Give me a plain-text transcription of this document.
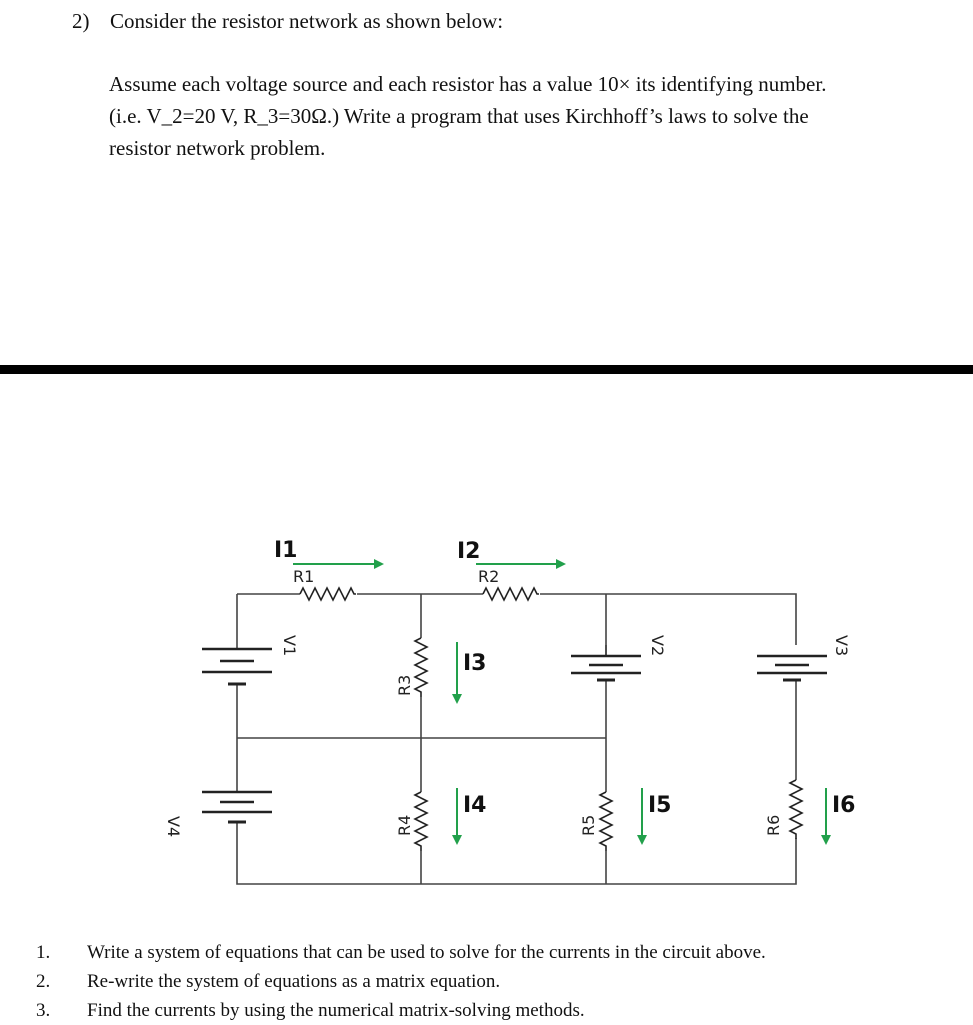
2) Consider the resistor network as shown below:
Assume each voltage source and each resistor has a value 10× its identifying number.
(i.e. V_2=20 V, R_3=30Ω.) Write a program that uses Kirchhoff’s laws to solve the
resistor network problem.
R1	R2
R3
R4	R5	R6
V1	V2	V3
V4
I1	I2
I3
I4	I5	I6
1. Write a system of equations that can be used to solve for the currents in the circuit above.
2. Re-write the system of equations as a matrix equation.
3. Find the currents by using the numerical matrix-solving methods.
